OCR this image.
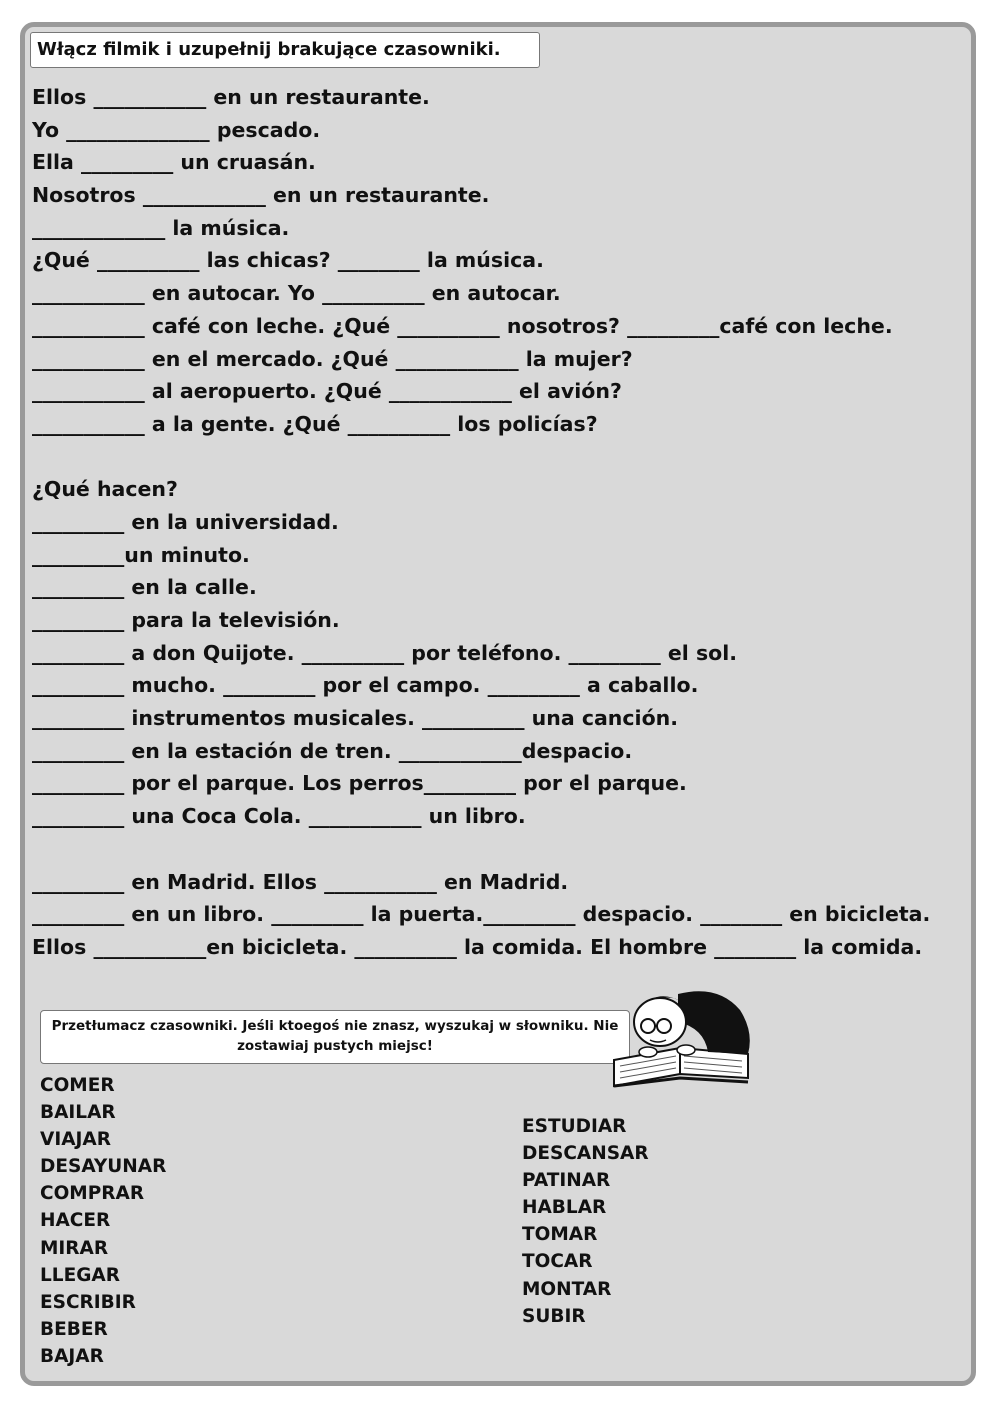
Włącz filmik i uzupełnij brakujące czasowniki.
Ellos ___________ en un restaurante.
Yo ______________ pescado.
Ella _________ un cruasán.
Nosotros ____________ en un restaurante.
_____________ la música.
¿Qué __________ las chicas? ________ la música.
___________ en autocar. Yo __________ en autocar.
___________ café con leche. ¿Qué __________ nosotros? _________café con leche.
___________ en el mercado. ¿Qué ____________ la mujer?
___________ al aeropuerto. ¿Qué ____________ el avión?
___________ a la gente. ¿Qué __________ los policías?
¿Qué hacen?
_________ en la universidad.
_________un minuto.
_________ en la calle.
_________ para la televisión.
_________ a don Quijote. __________ por teléfono. _________ el sol.
_________ mucho. _________ por el campo. _________ a caballo.
_________ instrumentos musicales. __________ una canción.
_________ en la estación de tren. ____________despacio.
_________ por el parque. Los perros_________ por el parque.
_________ una Coca Cola. ___________ un libro.
_________ en Madrid. Ellos ___________ en Madrid.
_________ en un libro. _________ la puerta._________ despacio. ________ en bicicleta. Ellos ___________en bicicleta. __________ la comida. El hombre ________ la comida.
Przetłumacz czasowniki. Jeśli ktoegoś nie znasz, wyszukaj w słowniku. Nie zostawiaj pustych miejsc!
COMER
BAILAR
VIAJAR
DESAYUNAR
COMPRAR
HACER
MIRAR
LLEGAR
ESCRIBIR
BEBER
BAJAR
ESTUDIAR
DESCANSAR
PATINAR
HABLAR
TOMAR
TOCAR
MONTAR
SUBIR
